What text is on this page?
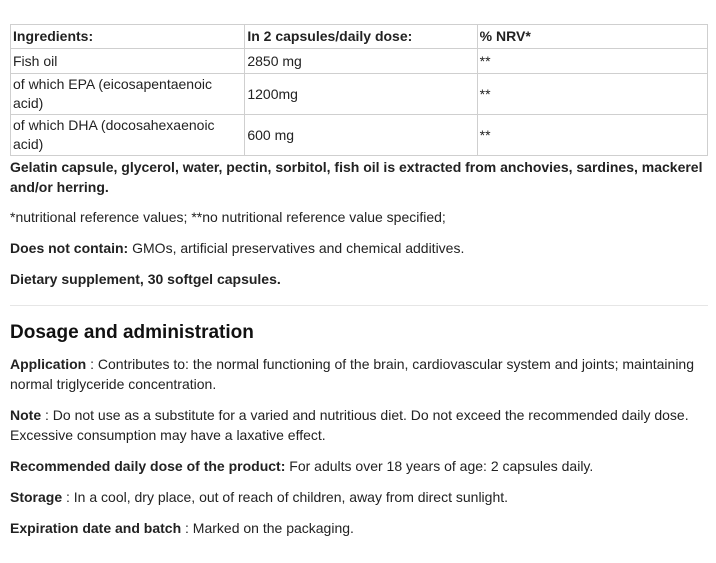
Ingredients:	In 2 capsules/daily dose:	% NRV*
Fish oil	2850 mg	**
of which EPA (eicosapentaenoic acid)	1200mg	**
of which DHA (docosahexaenoic acid)	600 mg	**

Gelatin capsule, glycerol, water, pectin, sorbitol, fish oil is extracted from anchovies, sardines, mackerel and/or herring.

*nutritional reference values; **no nutritional reference value specified;

Does not contain: GMOs, artificial preservatives and chemical additives.

Dietary supplement, 30 softgel capsules.

Dosage and administration

Application : Contributes to: the normal functioning of the brain, cardiovascular system and joints; maintaining normal triglyceride concentration.

Note : Do not use as a substitute for a varied and nutritious diet. Do not exceed the recommended daily dose. Excessive consumption may have a laxative effect.

Recommended daily dose of the product: For adults over 18 years of age: 2 capsules daily.

Storage : In a cool, dry place, out of reach of children, away from direct sunlight.

Expiration date and batch : Marked on the packaging.
